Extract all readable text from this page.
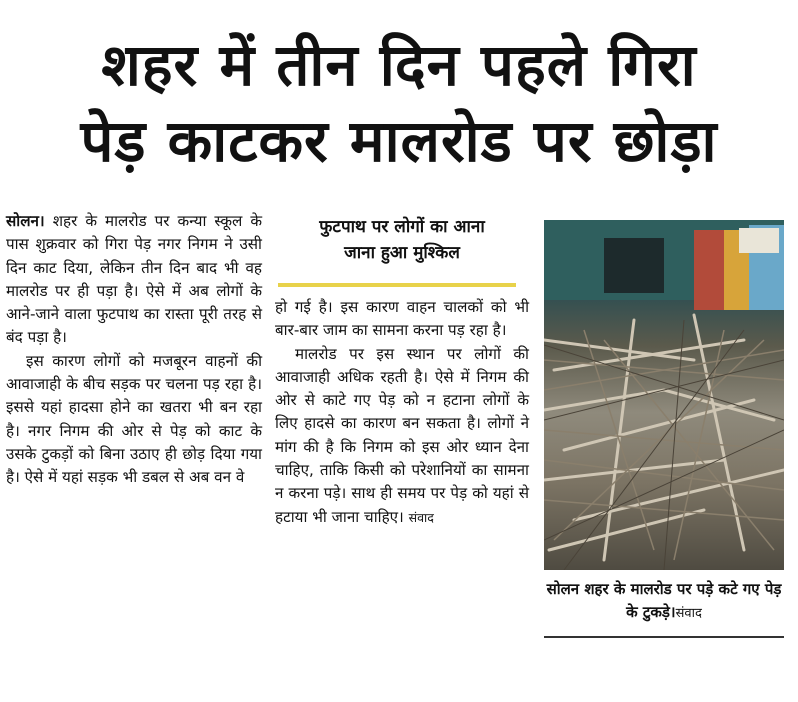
शहर में तीन दिन पहले गिरा
पेड़ काटकर मालरोड पर छोड़ा

सोलन। शहर के मालरोड पर कन्या स्कूल के पास शुक्रवार को गिरा पेड़ नगर निगम ने उसी दिन काट दिया, लेकिन तीन दिन बाद भी वह मालरोड पर ही पड़ा है। ऐसे में अब लोगों के आने-जाने वाला फुटपाथ का रास्ता पूरी तरह से बंद पड़ा है।

इस कारण लोगों को मजबूरन वाहनों की आवाजाही के बीच सड़क पर चलना पड़ रहा है। इससे यहां हादसा होने का खतरा भी बन रहा है। नगर निगम की ओर से पेड़ को काट के उसके टुकड़ों को बिना उठाए ही छोड़ दिया गया है। ऐसे में यहां सड़क भी डबल से अब वन वे

फुटपाथ पर लोगों का आना
जाना हुआ मुश्किल

हो गई है। इस कारण वाहन चालकों को भी बार-बार जाम का सामना करना पड़ रहा है।

मालरोड पर इस स्थान पर लोगों की आवाजाही अधिक रहती है। ऐसे में निगम की ओर से काटे गए पेड़ को न हटाना लोगों के लिए हादसे का कारण बन सकता है। लोगों ने मांग की है कि निगम को इस ओर ध्यान देना चाहिए, ताकि किसी को परेशानियों का सामना न करना पड़े। साथ ही समय पर पेड़ को यहां से हटाया भी जाना चाहिए। संवाद

सोलन शहर के मालरोड पर पड़े कटे गए पेड़ के टुकड़े।संवाद
